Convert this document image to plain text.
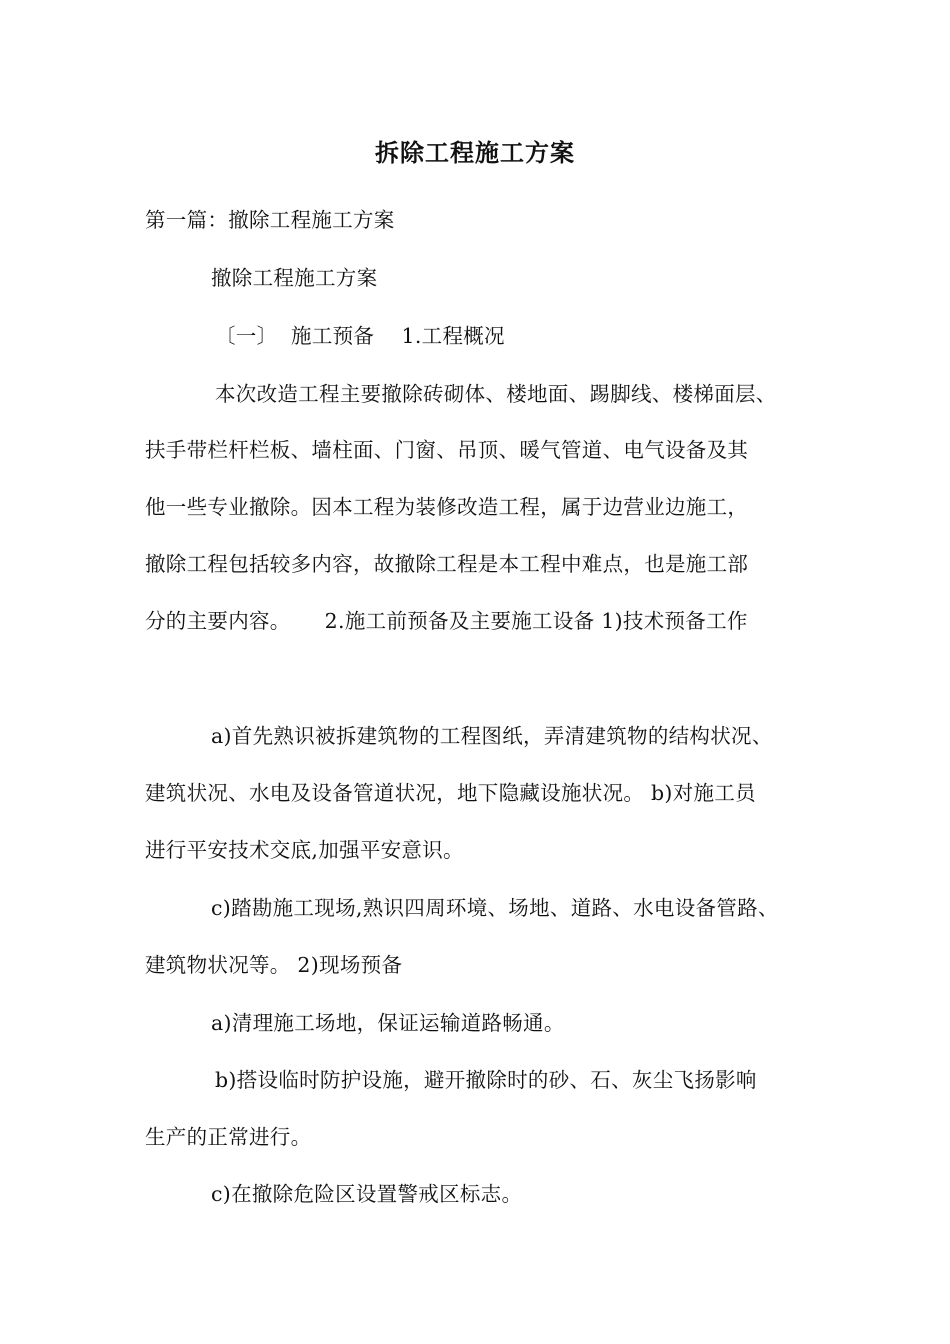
拆除工程施工方案
第一篇：撤除工程施工方案
撤除工程施工方案
〔一〕  施工预备    1.工程概况
本次改造工程主要撤除砖砌体、楼地面、踢脚线、楼梯面层、
扶手带栏杆栏板、墙柱面、门窗、吊顶、暖气管道、电气设备及其
他一些专业撤除。因本工程为装修改造工程，属于边营业边施工，
撤除工程包括较多内容，故撤除工程是本工程中难点，也是施工部
分的主要内容。     2.施工前预备及主要施工设备 1)技术预备工作
a)首先熟识被拆建筑物的工程图纸，弄清建筑物的结构状况、
建筑状况、水电及设备管道状况，地下隐藏设施状况。 b)对施工员
进行平安技术交底,加强平安意识。
c)踏勘施工现场,熟识四周环境、场地、道路、水电设备管路、
建筑物状况等。 2)现场预备
a)清理施工场地，保证运输道路畅通。
b)搭设临时防护设施，避开撤除时的砂、石、灰尘飞扬影响
生产的正常进行。
c)在撤除危险区设置警戒区标志。
